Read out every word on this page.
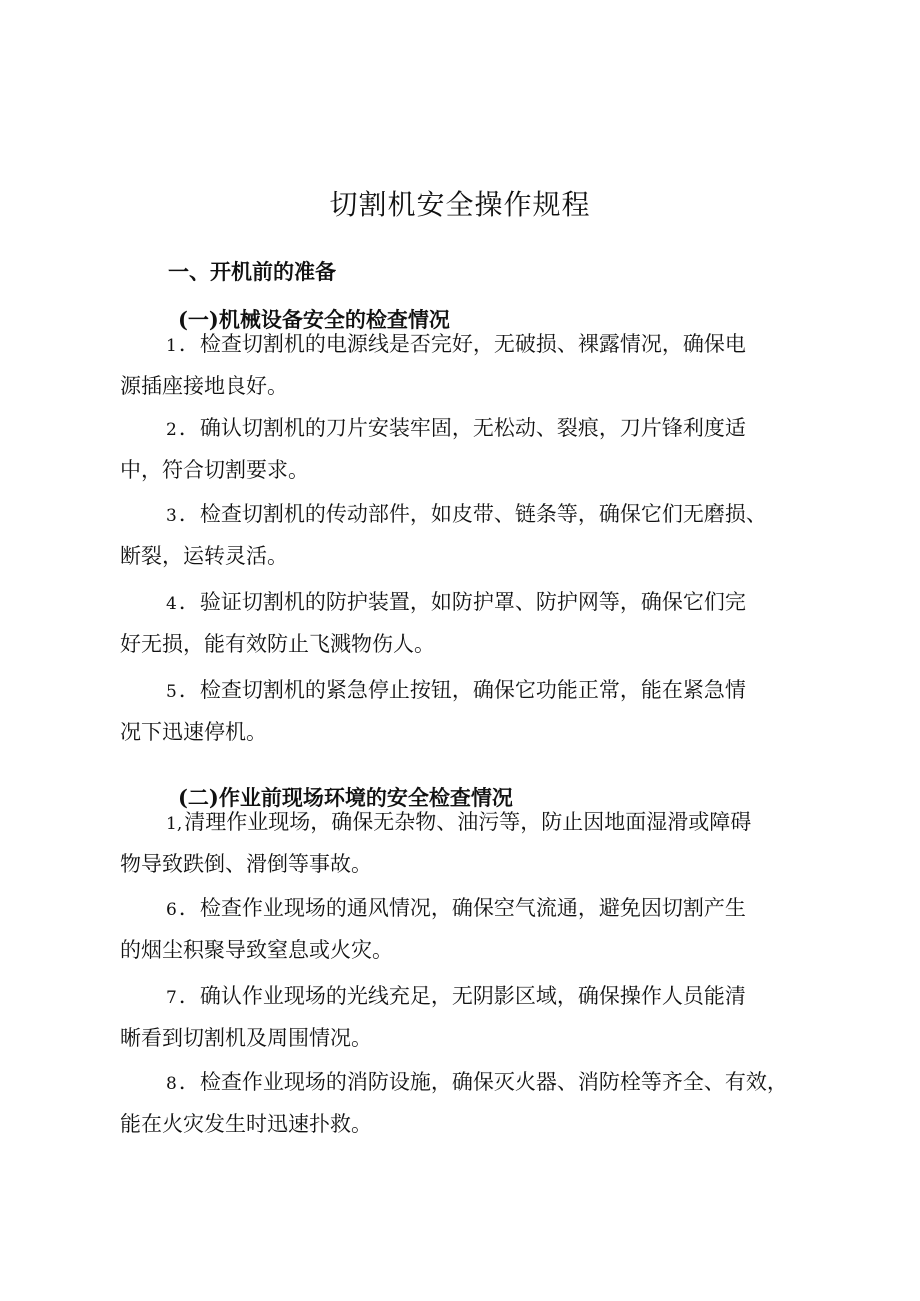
切割机安全操作规程
一、开机前的准备
(一)机械设备安全的检查情况

1．检查切割机的电源线是否完好，无破损、裸露情况，确保电
源插座接地良好。

2．确认切割机的刀片安装牢固，无松动、裂痕，刀片锋利度适
中，符合切割要求。

3．检查切割机的传动部件，如皮带、链条等，确保它们无磨损、
断裂，运转灵活。

4．验证切割机的防护装置，如防护罩、防护网等，确保它们完
好无损，能有效防止飞溅物伤人。

5．检查切割机的紧急停止按钮，确保它功能正常，能在紧急情
况下迅速停机。

(二)作业前现场环境的安全检查情况

1,清理作业现场，确保无杂物、油污等，防止因地面湿滑或障碍
物导致跌倒、滑倒等事故。

6．检查作业现场的通风情况，确保空气流通，避免因切割产生
的烟尘积聚导致窒息或火灾。

7．确认作业现场的光线充足，无阴影区域，确保操作人员能清
晰看到切割机及周围情况。

8．检查作业现场的消防设施，确保灭火器、消防栓等齐全、有效，
能在火灾发生时迅速扑救。
